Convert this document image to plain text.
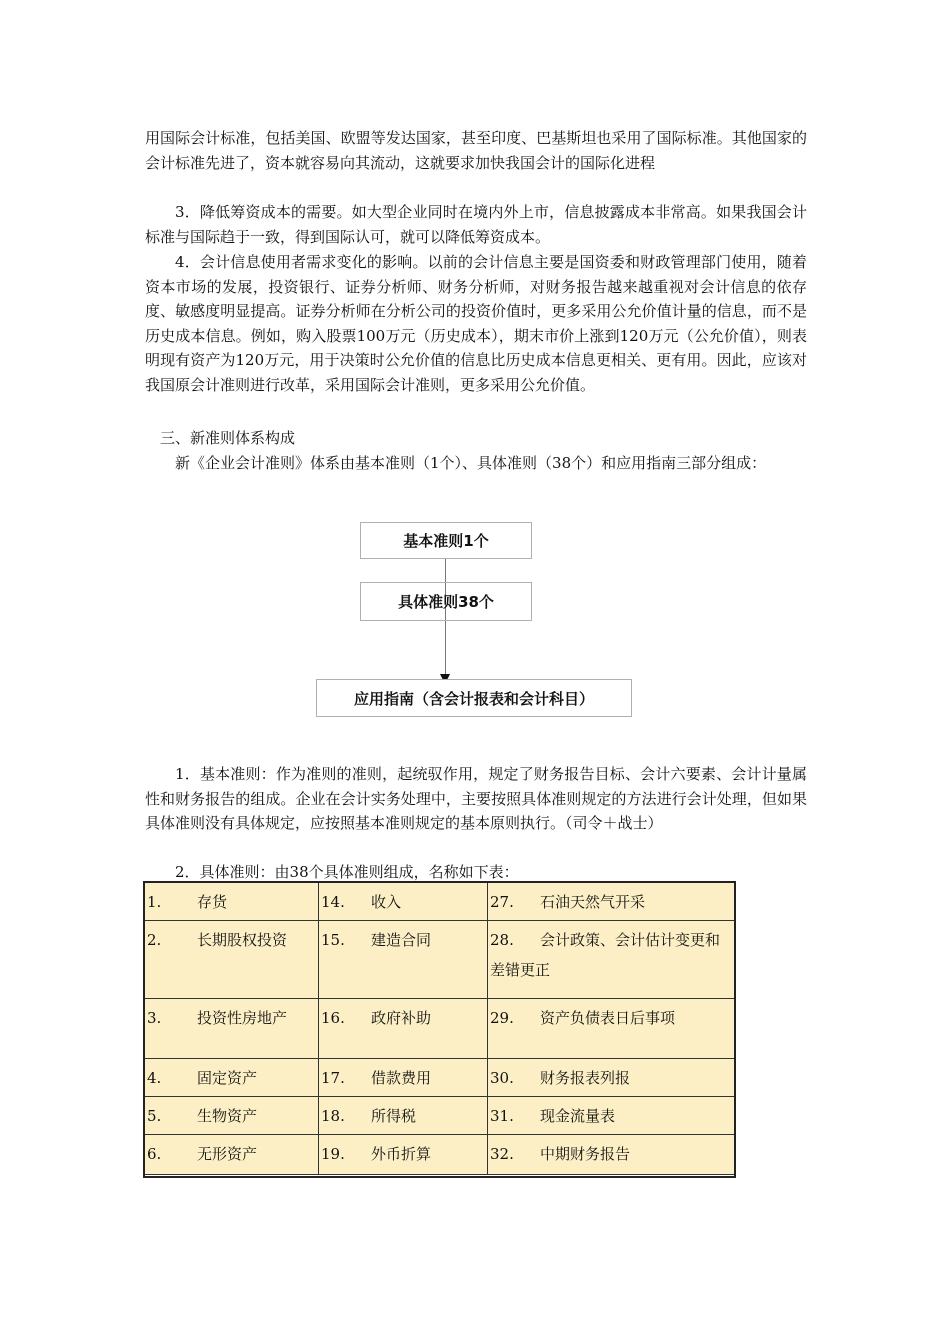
用国际会计标准，包括美国、欧盟等发达国家，甚至印度、巴基斯坦也采用了国际标准。其他国家的会计标准先进了，资本就容易向其流动，这就要求加快我国会计的国际化进程

3．降低筹资成本的需要。如大型企业同时在境内外上市，信息披露成本非常高。如果我国会计标准与国际趋于一致，得到国际认可，就可以降低筹资成本。

4．会计信息使用者需求变化的影响。以前的会计信息主要是国资委和财政管理部门使用，随着资本市场的发展，投资银行、证券分析师、财务分析师，对财务报告越来越重视对会计信息的依存度、敏感度明显提高。证券分析师在分析公司的投资价值时，更多采用公允价值计量的信息，而不是历史成本信息。例如，购入股票100万元（历史成本），期末市价上涨到120万元（公允价值），则表明现有资产为120万元，用于决策时公允价值的信息比历史成本信息更相关、更有用。因此，应该对我国原会计准则进行改革，采用国际会计准则，更多采用公允价值。

三、新准则体系构成

新《企业会计准则》体系由基本准则（1个）、具体准则（38个）和应用指南三部分组成：

基本准则1个
具体准则38个
应用指南（含会计报表和会计科目）

1．基本准则：作为准则的准则，起统驭作用，规定了财务报告目标、会计六要素、会计计量属性和财务报告的组成。企业在会计实务处理中，主要按照具体准则规定的方法进行会计处理，但如果具体准则没有具体规定，应按照基本准则规定的基本原则执行。（司令＋战士）

2．具体准则：由38个具体准则组成，名称如下表：

1. 存货	14. 收入	27. 石油天然气开采
2. 长期股权投资	15. 建造合同	28. 会计政策、会计估计变更和差错更正
3. 投资性房地产	16. 政府补助	29. 资产负债表日后事项
4. 固定资产	17. 借款费用	30. 财务报表列报
5. 生物资产	18. 所得税	31. 现金流量表
6. 无形资产	19. 外币折算	32. 中期财务报告
